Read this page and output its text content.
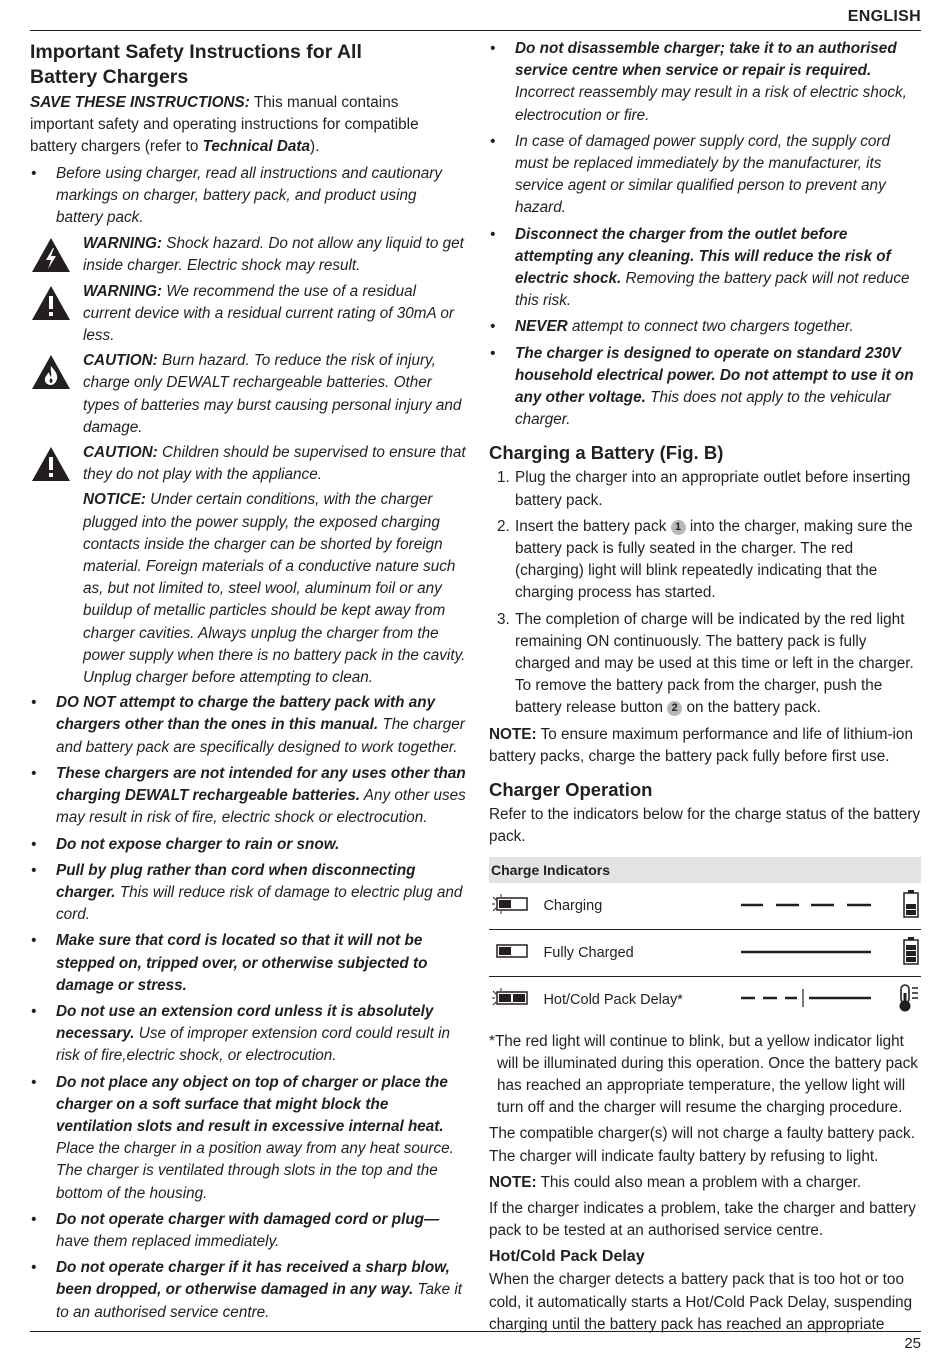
ENGLISH
Important Safety Instructions for All
Battery Chargers

SAVE THESE INSTRUCTIONS: This manual contains important safety and operating instructions for compatible battery chargers (refer to Technical Data).

• Before using charger, read all instructions and cautionary markings on charger, battery pack, and product using battery pack.
WARNING: Shock hazard. Do not allow any liquid to get inside charger. Electric shock may result.
WARNING: We recommend the use of a residual current device with a residual current rating of 30mA or less.
CAUTION: Burn hazard. To reduce the risk of injury, charge only DEWALT rechargeable batteries. Other types of batteries may burst causing personal injury and damage.
CAUTION: Children should be supervised to ensure that they do not play with the appliance.
NOTICE: Under certain conditions, with the charger plugged into the power supply, the exposed charging contacts inside the charger can be shorted by foreign material. Foreign materials of a conductive nature such as, but not limited to, steel wool, aluminum foil or any buildup of metallic particles should be kept away from charger cavities. Always unplug the charger from the power supply when there is no battery pack in the cavity. Unplug charger before attempting to clean.
• DO NOT attempt to charge the battery pack with any chargers other than the ones in this manual. The charger and battery pack are specifically designed to work together.
• These chargers are not intended for any uses other than charging DEWALT rechargeable batteries. Any other uses may result in risk of fire, electric shock or electrocution.
• Do not expose charger to rain or snow.
• Pull by plug rather than cord when disconnecting charger. This will reduce risk of damage to electric plug and cord.
• Make sure that cord is located so that it will not be stepped on, tripped over, or otherwise subjected to damage or stress.
• Do not use an extension cord unless it is absolutely necessary. Use of improper extension cord could result in risk of fire,electric shock, or electrocution.
• Do not place any object on top of charger or place the charger on a soft surface that might block the ventilation slots and result in excessive internal heat. Place the charger in a position away from any heat source. The charger is ventilated through slots in the top and the bottom of the housing.
• Do not operate charger with damaged cord or plug— have them replaced immediately.
• Do not operate charger if it has received a sharp blow, been dropped, or otherwise damaged in any way. Take it to an authorised service centre.
• Do not disassemble charger; take it to an authorised service centre when service or repair is required. Incorrect reassembly may result in a risk of electric shock, electrocution or fire.
• In case of damaged power supply cord, the supply cord must be replaced immediately by the manufacturer, its service agent or similar qualified person to prevent any hazard.
• Disconnect the charger from the outlet before attempting any cleaning. This will reduce the risk of electric shock. Removing the battery pack will not reduce this risk.
• NEVER attempt to connect two chargers together.
• The charger is designed to operate on standard 230V household electrical power. Do not attempt to use it on any other voltage. This does not apply to the vehicular charger.
Charging a Battery (Fig. B)
1. Plug the charger into an appropriate outlet before inserting battery pack.
2. Insert the battery pack 1 into the charger, making sure the battery pack is fully seated in the charger. The red (charging) light will blink repeatedly indicating that the charging process has started.
3. The completion of charge will be indicated by the red light remaining ON continuously. The battery pack is fully charged and may be used at this time or left in the charger. To remove the battery pack from the charger, push the battery release button 2 on the battery pack.

NOTE: To ensure maximum performance and life of lithium-ion battery packs, charge the battery pack fully before first use.

Charger Operation

Refer to the indicators below for the charge status of the battery pack.

Charge Indicators			
	Charging		
	Fully Charged		
	Hot/Cold Pack Delay*		

*The red light will continue to blink, but a yellow indicator light will be illuminated during this operation. Once the battery pack has reached an appropriate temperature, the yellow light will turn off and the charger will resume the charging procedure.

The compatible charger(s) will not charge a faulty battery pack. The charger will indicate faulty battery by refusing to light.

NOTE: This could also mean a problem with a charger.

If the charger indicates a problem, take the charger and battery pack to be tested at an authorised service centre.

Hot/Cold Pack Delay

When the charger detects a battery pack that is too hot or too cold, it automatically starts a Hot/Cold Pack Delay, suspending charging until the battery pack has reached an appropriate

25
